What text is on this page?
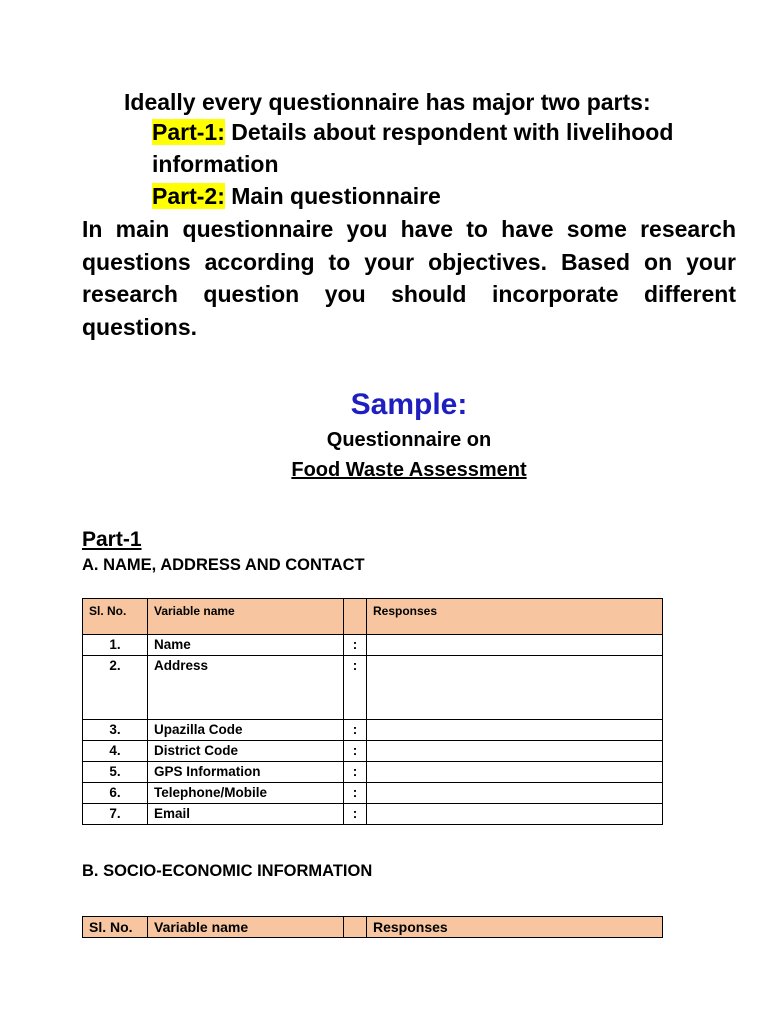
Ideally every questionnaire has major two parts:
Part-1: Details about respondent with livelihood
information
Part-2: Main questionnaire
In main questionnaire you have to have some research questions according to your objectives. Based on your research question you should incorporate different questions.
Sample:
Questionnaire on
Food Waste Assessment
Part-1
A. NAME, ADDRESS AND CONTACT
Sl. No.	Variable name		Responses
1.	Name	:	
2.	Address	:	
3.	Upazilla Code	:	
4.	District Code	:	
5.	GPS Information	:	
6.	Telephone/Mobile	:	
7.	Email	:	
B. SOCIO-ECONOMIC INFORMATION
Sl. No.	Variable name		Responses
